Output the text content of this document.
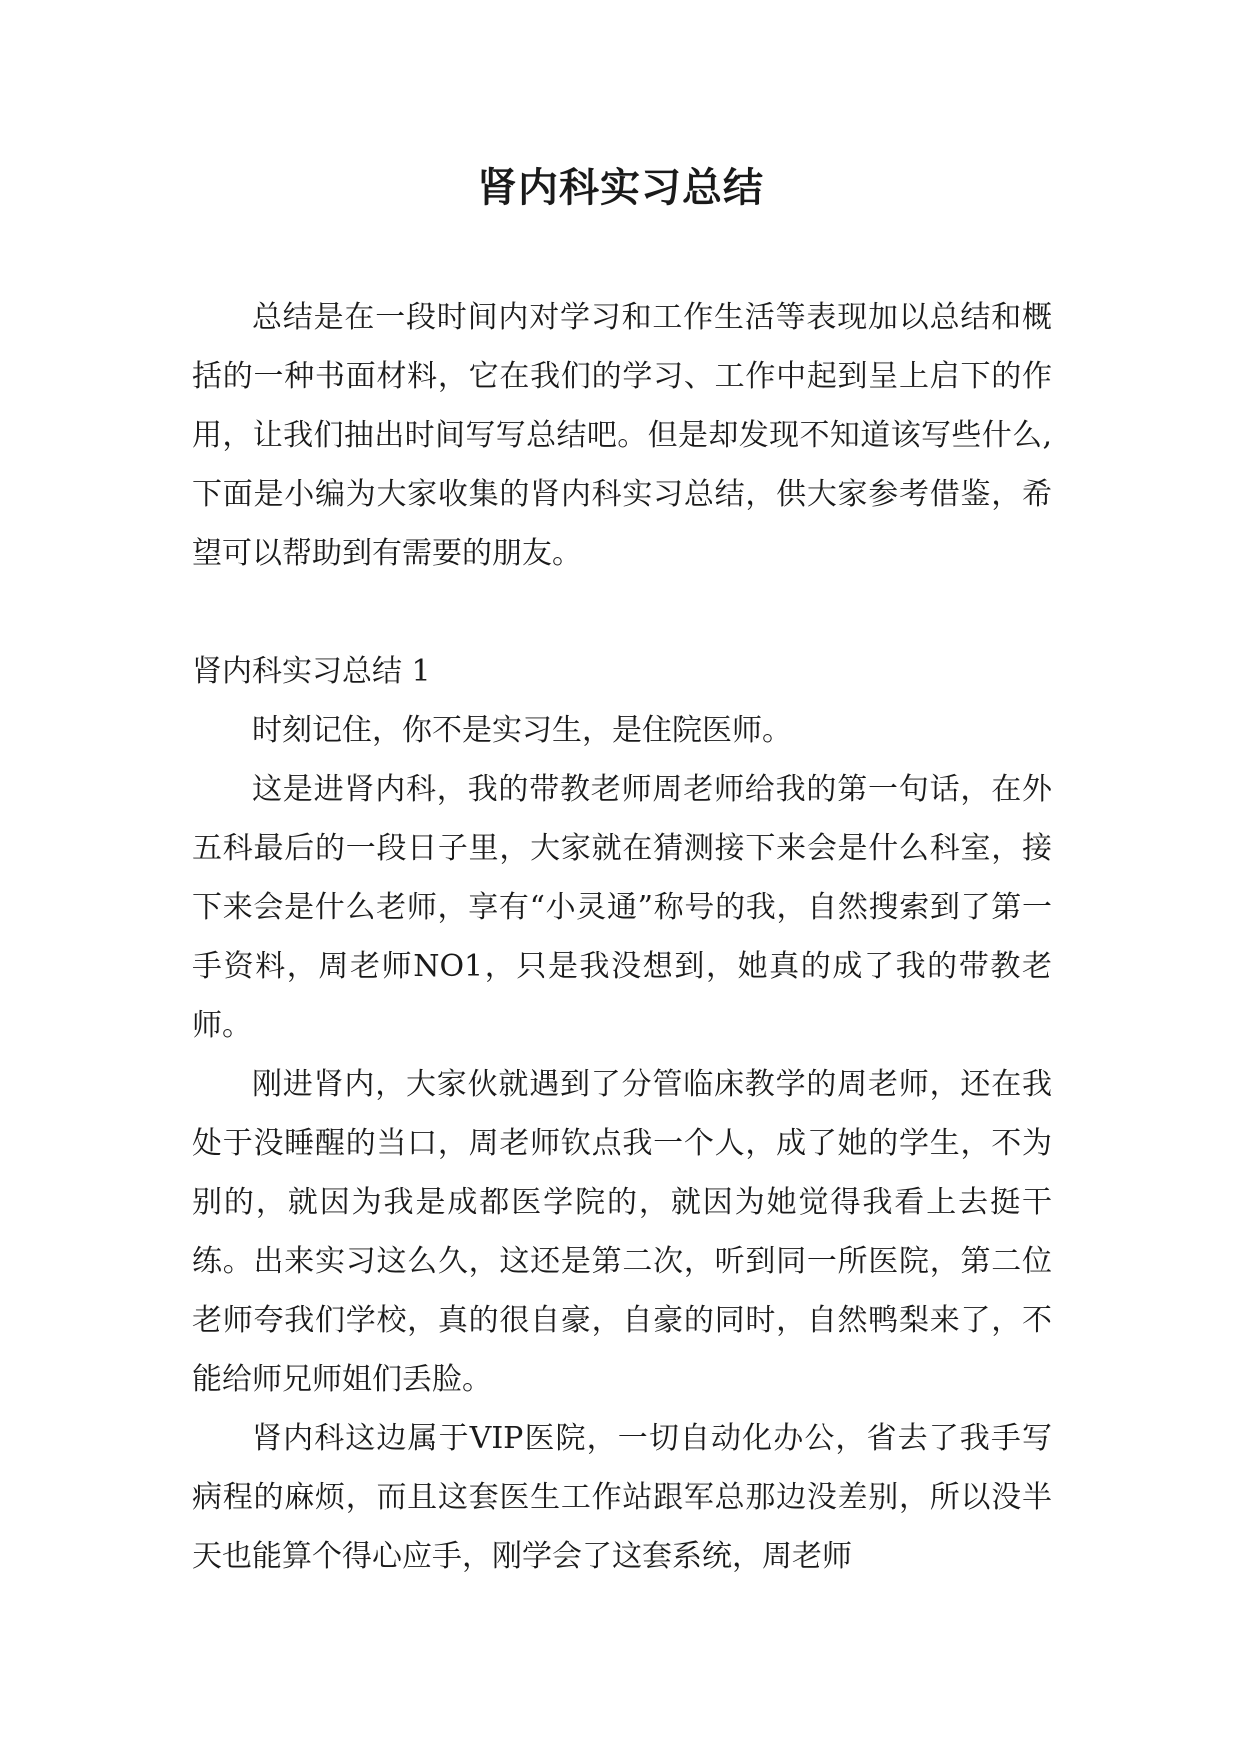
肾内科实习总结

总结是在一段时间内对学习和工作生活等表现加以总结和概括的一种书面材料，它在我们的学习、工作中起到呈上启下的作用，让我们抽出时间写写总结吧。但是却发现不知道该写些什么,下面是小编为大家收集的肾内科实习总结，供大家参考借鉴，希望可以帮助到有需要的朋友。

肾内科实习总结 1

时刻记住，你不是实习生，是住院医师。

这是进肾内科，我的带教老师周老师给我的第一句话，在外五科最后的一段日子里，大家就在猜测接下来会是什么科室，接下来会是什么老师，享有“小灵通”称号的我，自然搜索到了第一手资料，周老师NO1，只是我没想到，她真的成了我的带教老师。

刚进肾内，大家伙就遇到了分管临床教学的周老师，还在我处于没睡醒的当口，周老师钦点我一个人，成了她的学生，不为别的，就因为我是成都医学院的，就因为她觉得我看上去挺干练。出来实习这么久，这还是第二次，听到同一所医院，第二位老师夸我们学校，真的很自豪，自豪的同时，自然鸭梨来了，不能给师兄师姐们丢脸。

肾内科这边属于VIP医院，一切自动化办公，省去了我手写病程的麻烦，而且这套医生工作站跟军总那边没差别，所以没半天也能算个得心应手，刚学会了这套系统，周老师
